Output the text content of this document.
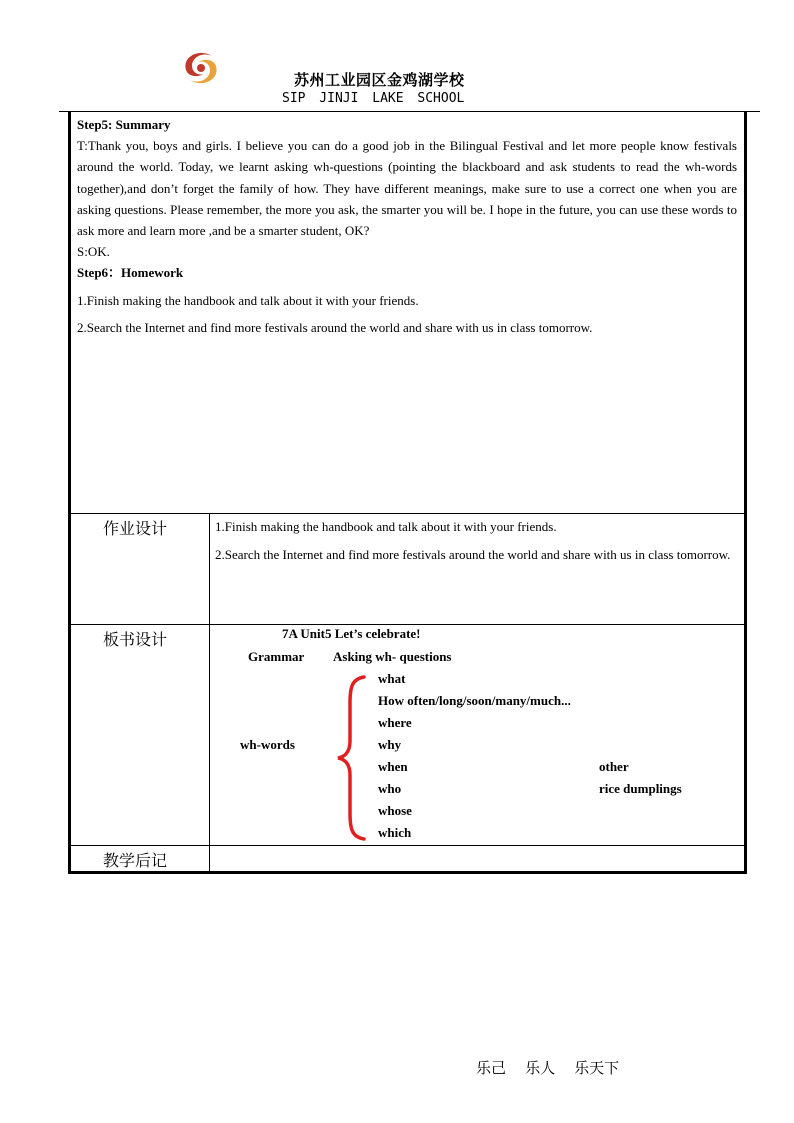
苏州工业园区金鸡湖学校
SIP JINJI LAKE SCHOOL

Step5: Summary

T:Thank you, boys and girls. I believe you can do a good job in the Bilingual Festival and let more people know festivals around the world. Today, we learnt asking wh-questions (pointing the blackboard and ask students to read the wh-words together),and don’t forget the family of how. They have different meanings, make sure to use a correct one when you are asking questions. Please remember, the more you ask, the smarter you will be. I hope in the future, you can use these words to ask more and learn more ,and be a smarter student, OK?

S:OK.

Step6：Homework

1.Finish making the handbook and talk about it with your friends.

2.Search the Internet and find more festivals around the world and share with us in class tomorrow.

作业设计	1.Finish making the handbook and talk about it with your friends.

2.Search the Internet and find more festivals around the world and share with us in class tomorrow.

板书设计	7A Unit5 Let’s celebrate!
Grammar Asking wh- questions
wh-words
what
How often/long/soon/many/much...
where
why
when
who
whose
which
other
rice dumplings
教学后记
乐己    乐人    乐天下
